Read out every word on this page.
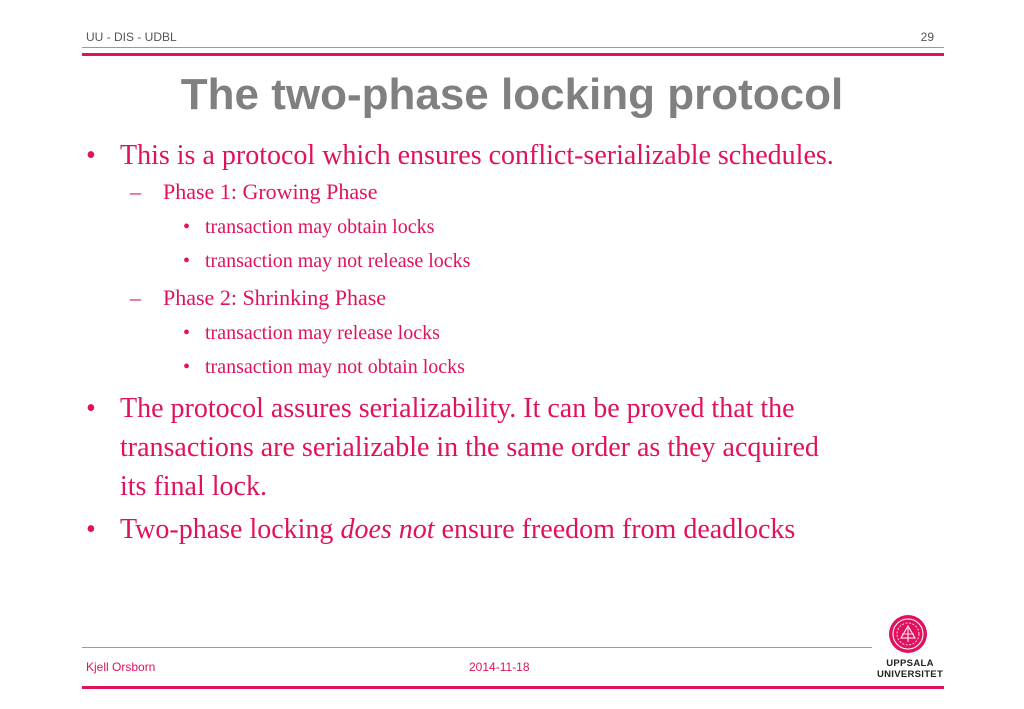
UU - DIS - UDBL	29
The two-phase locking protocol
• This is a protocol which ensures conflict-serializable schedules.
– Phase 1: Growing Phase
• transaction may obtain locks
• transaction may not release locks
– Phase 2: Shrinking Phase
• transaction may release locks
• transaction may not obtain locks
• The protocol assures serializability. It can be proved that the
transactions are serializable in the same order as they acquired
its final lock.
• Two-phase locking does not ensure freedom from deadlocks
Kjell Orsborn	2014-11-18	UPPSALA
UNIVERSITET
